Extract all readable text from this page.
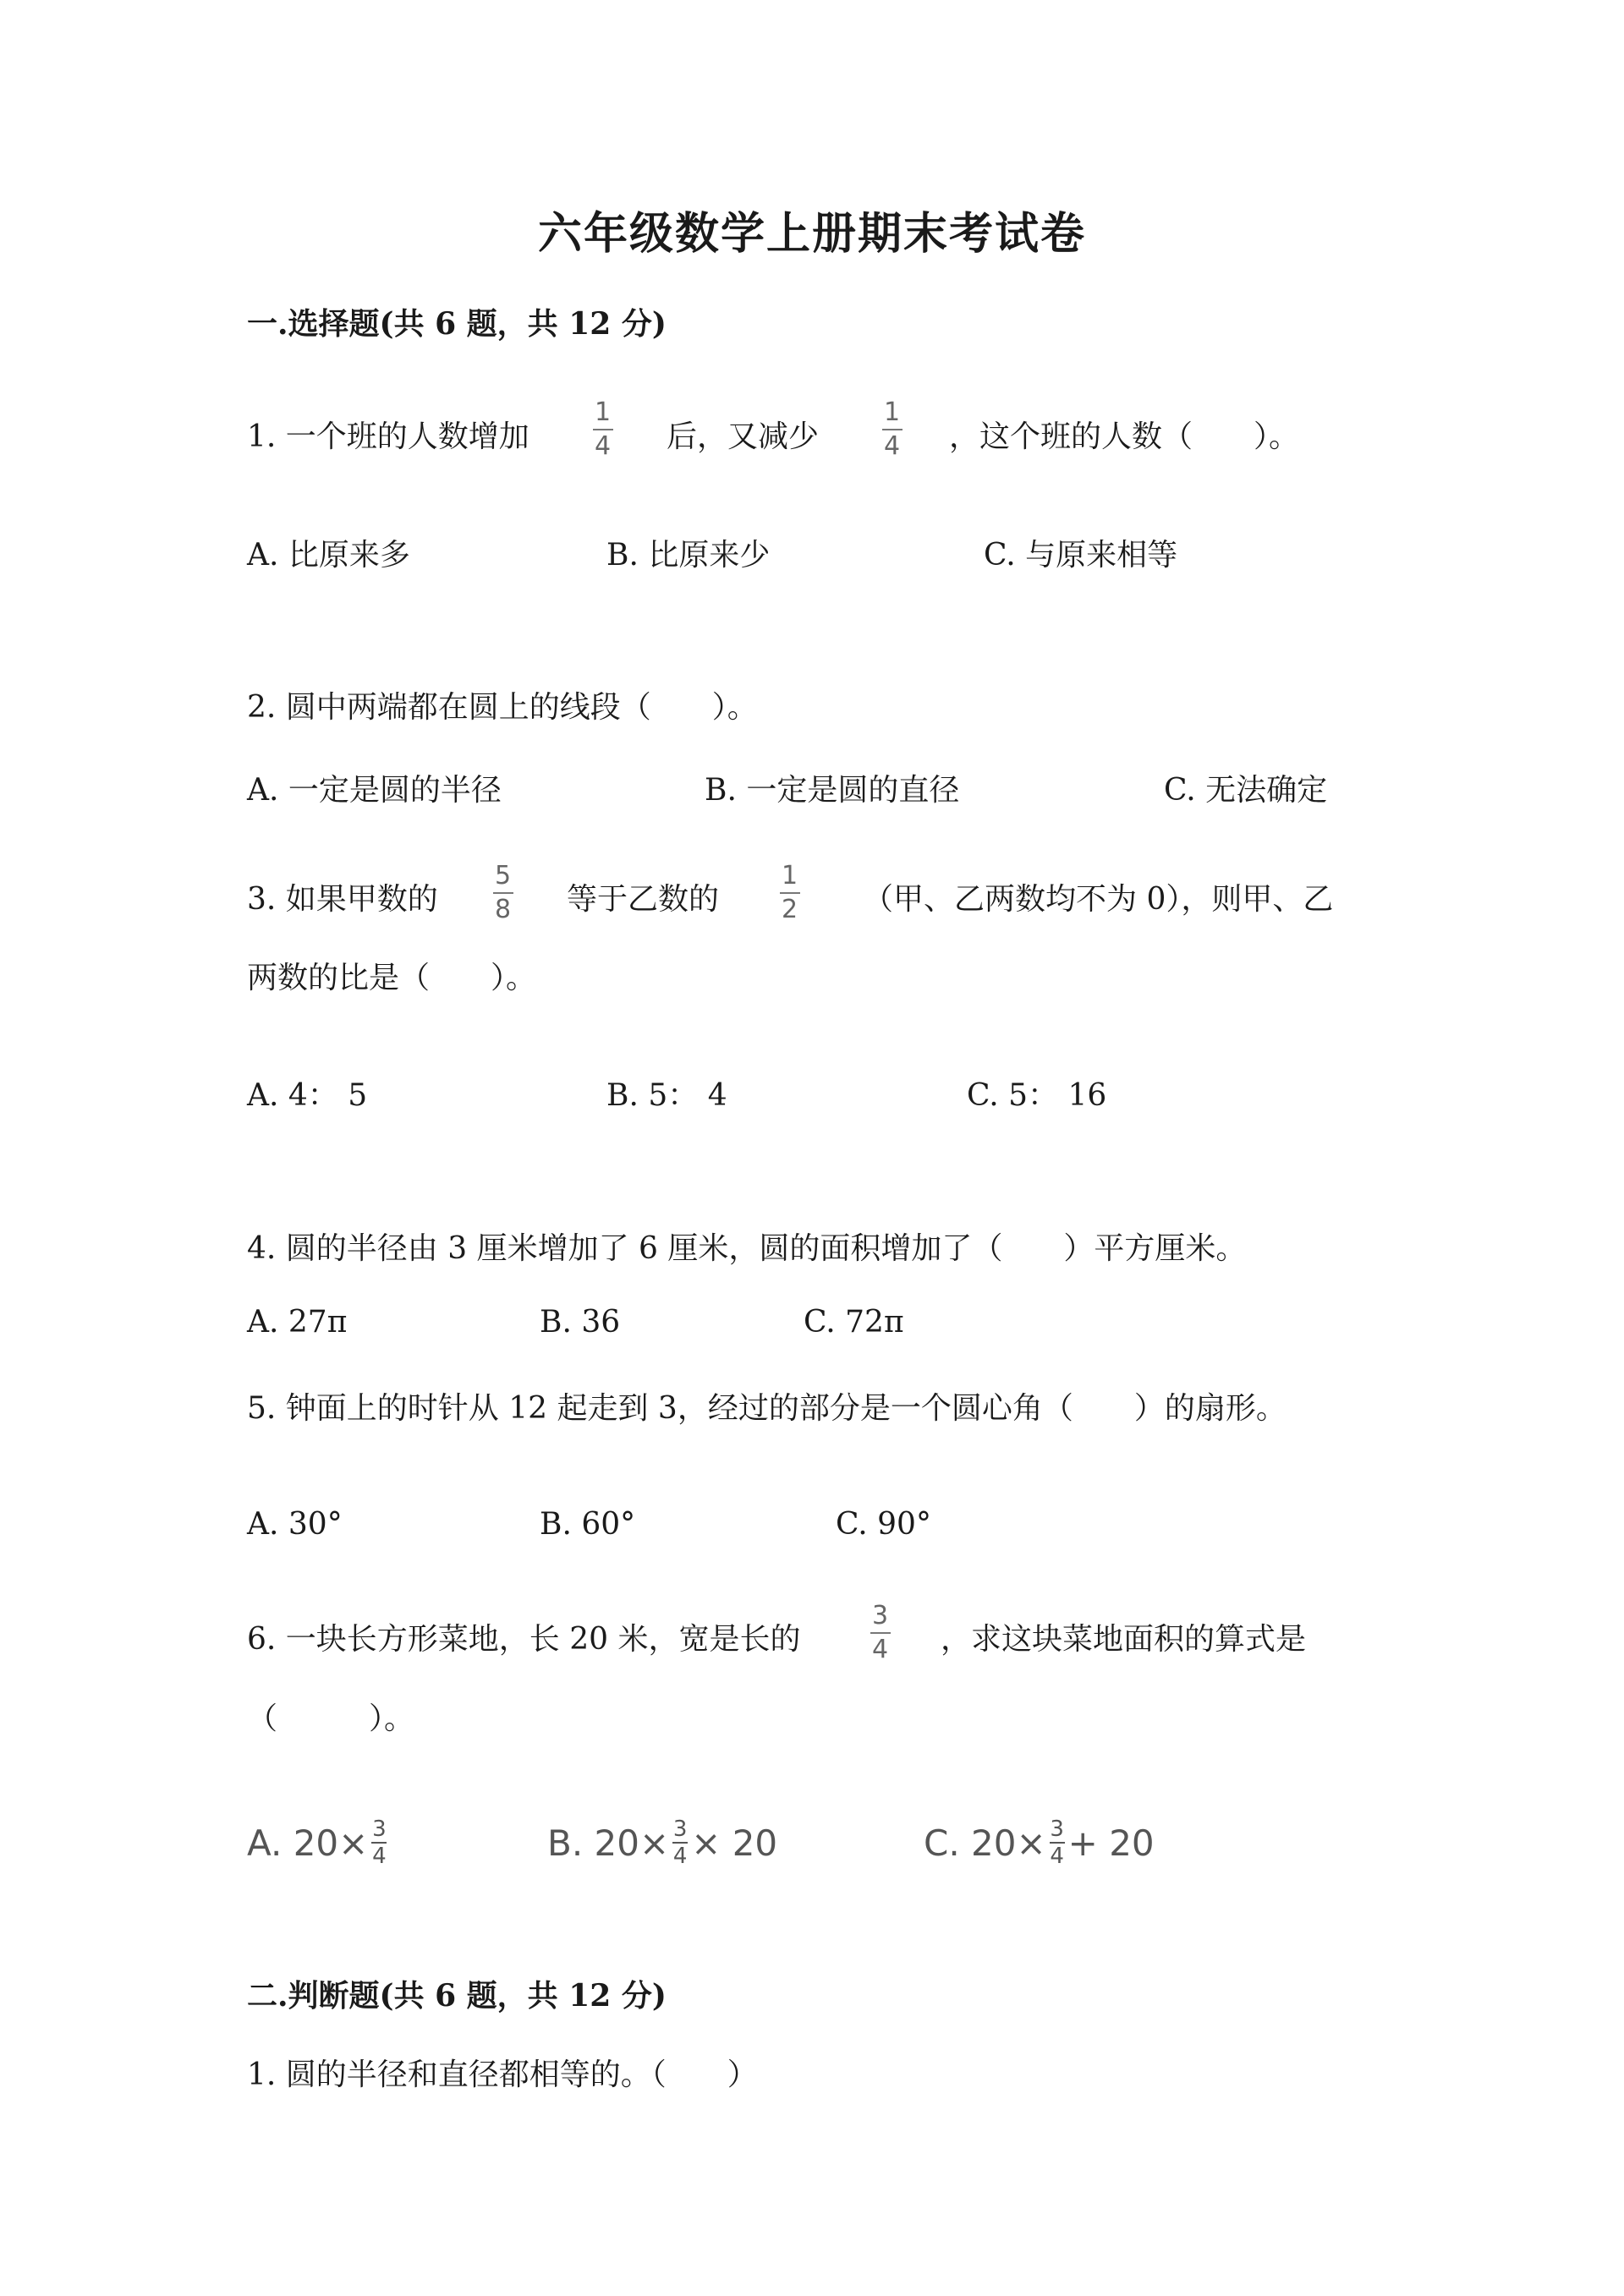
六年级数学上册期末考试卷
一.选择题(共 6 题，共 12 分)
1. 一个班的人数增加
1
4 后，又减少
1
4 ，这个班的人数（　　）。
A. 比原来多	B. 比原来少	C. 与原来相等
2. 圆中两端都在圆上的线段（　　）。
A. 一定是圆的半径	B. 一定是圆的直径	C. 无法确定
3. 如果甲数的
5
8 等于乙数的
1
2 （甲、乙两数均不为 0），则甲、乙
两数的比是（　　）。
A. 4： 5	B. 5： 4	C. 5： 16
4. 圆的半径由 3 厘米增加了 6 厘米，圆的面积增加了（　　）平方厘米。
A. 27π	B. 36	C. 72π
5. 钟面上的时针从 12 起走到 3，经过的部分是一个圆心角（　　）的扇形。
A. 30°	B. 60°	C. 90°
6. 一块长方形菜地，长 20 米，宽是长的
3
4 ，求这块菜地面积的算式是
（　　　）。
A. 20× 3
4	B. 20× 3
4 × 20	C. 20× 3
4 + 20
二.判断题(共 6 题，共 12 分)
1. 圆的半径和直径都相等的。（　　）
